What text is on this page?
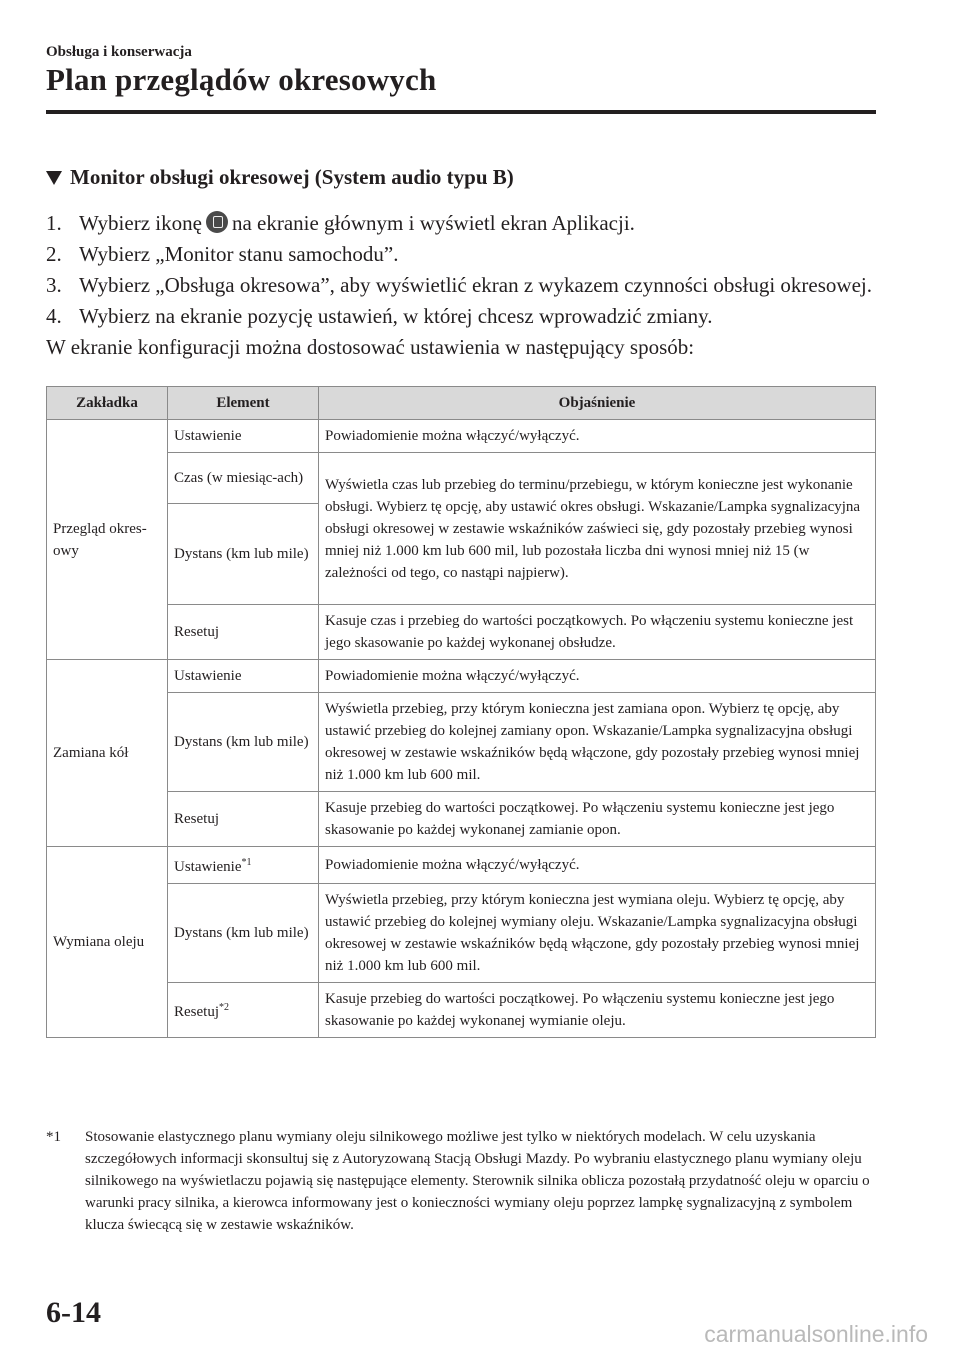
Obsługa i konserwacja
Plan przeglądów okresowych
Monitor obsługi okresowej (System audio typu B)
1. Wybierz ikonę na ekranie głównym i wyświetl ekran Aplikacji.
2. Wybierz „Monitor stanu samochodu”.
3. Wybierz „Obsługa okresowa”, aby wyświetlić ekran z wykazem czynności obsługi okresowej.
4. Wybierz na ekranie pozycję ustawień, w której chcesz wprowadzić zmiany.
W ekranie konfiguracji można dostosować ustawienia w następujący sposób:
Zakładka	Element	Objaśnienie
Przegląd okres-owy	Ustawienie	Powiadomienie można włączyć/wyłączyć.
	Czas (w miesiąc-ach)	Wyświetla czas lub przebieg do terminu/przebiegu, w którym konieczne jest wykonanie obsługi. Wybierz tę opcję, aby ustawić okres obsługi. Wskazanie/Lampka sygnalizacyjna obsługi okresowej w zestawie wskaźników zaświeci się, gdy pozostały przebieg wynosi mniej niż 1.000 km lub 600 mil, lub pozostała liczba dni wynosi mniej niż 15 (w zależności od tego, co nastąpi najpierw).
	Dystans (km lub mile)	
	Resetuj	Kasuje czas i przebieg do wartości początkowych. Po włączeniu systemu konieczne jest jego skasowanie po każdej wykonanej obsłudze.
Zamiana kół	Ustawienie	Powiadomienie można włączyć/wyłączyć.
	Dystans (km lub mile)	Wyświetla przebieg, przy którym konieczna jest zamiana opon. Wybierz tę opcję, aby ustawić przebieg do kolejnej zamiany opon. Wskazanie/Lampka sygnalizacyjna obsługi okresowej w zestawie wskaźników będą włączone, gdy pozostały przebieg wynosi mniej niż 1.000 km lub 600 mil.
	Resetuj	Kasuje przebieg do wartości początkowej. Po włączeniu systemu konieczne jest jego skasowanie po każdej wykonanej zamianie opon.
Wymiana oleju	Ustawienie$^{*1}$	Powiadomienie można włączyć/wyłączyć.
	Dystans (km lub mile)	Wyświetla przebieg, przy którym konieczna jest wymiana oleju. Wybierz tę opcję, aby ustawić przebieg do kolejnej wymiany oleju. Wskazanie/Lampka sygnalizacyjna obsługi okresowej w zestawie wskaźników będą włączone, gdy pozostały przebieg wynosi mniej niż 1.000 km lub 600 mil.
	Resetuj$^{*2}$	Kasuje przebieg do wartości początkowej. Po włączeniu systemu konieczne jest jego skasowanie po każdej wykonanej wymianie oleju.
*1 Stosowanie elastycznego planu wymiany oleju silnikowego możliwe jest tylko w niektórych modelach. W celu uzyskania szczegółowych informacji skonsultuj się z Autoryzowaną Stacją Obsługi Mazdy. Po wybraniu elastycznego planu wymiany oleju silnikowego na wyświetlaczu pojawią się następujące elementy. Sterownik silnika oblicza pozostałą przydatność oleju w oparciu o warunki pracy silnika, a kierowca informowany jest o konieczności wymiany oleju poprzez lampkę sygnalizacyjną z symbolem klucza świecącą się w zestawie wskaźników.
6-14
carmanualsonline.info
